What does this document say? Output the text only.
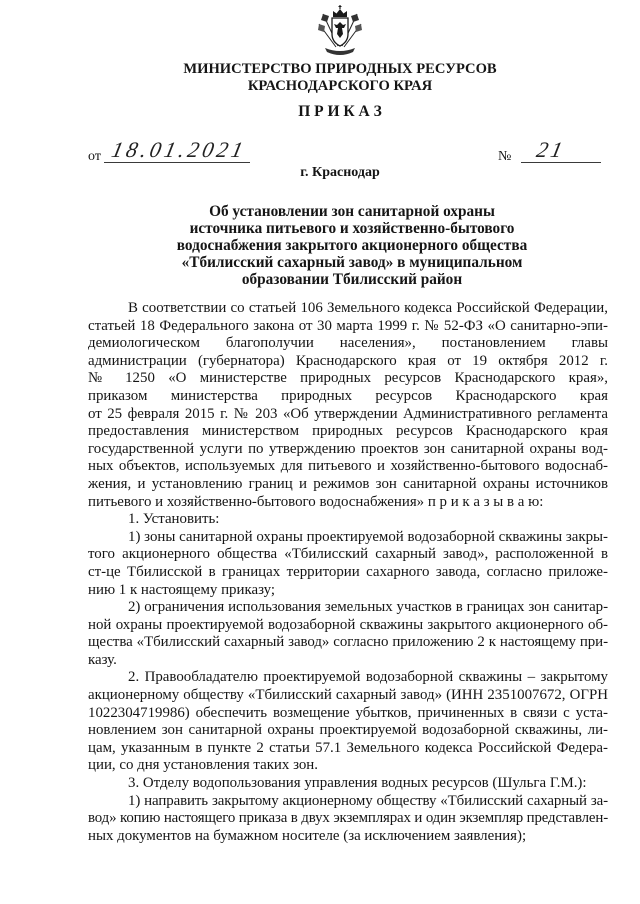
МИНИСТЕРСТВО ПРИРОДНЫХ РЕСУРСОВ
КРАСНОДАРСКОГО КРАЯ
П Р И К А З
от 18.01.2021	№ 21
г. Краснодар
Об установлении зон санитарной охраны
источника питьевого и хозяйственно-бытового
водоснабжения закрытого акционерного общества
«Тбилисский сахарный завод» в муниципальном
образовании Тбилисский район
В соответствии со статьей 106 Земельного кодекса Российской Федерации,
статьей 18 Федерального закона от 30 марта 1999 г. № 52-ФЗ «О санитарно-эпи-
демиологическом благополучии населения», постановлением главы
администрации (губернатора) Краснодарского края от 19 октября 2012 г.
№ 1250 «О министерстве природных ресурсов Краснодарского края»,
приказом министерства природных ресурсов Краснодарского края
от 25 февраля 2015 г. № 203 «Об утверждении Административного регламента
предоставления министерством природных ресурсов Краснодарского края
государственной услуги по утверждению проектов зон санитарной охраны вод-
ных объектов, используемых для питьевого и хозяйственно-бытового водоснаб-
жения, и установлению границ и режимов зон санитарной охраны источников
питьевого и хозяйственно-бытового водоснабжения» п р и к а з ы в а ю:
1. Установить:
1) зоны санитарной охраны проектируемой водозаборной скважины закры-
того акционерного общества «Тбилисский сахарный завод», расположенной в
ст-це Тбилисской в границах территории сахарного завода, согласно приложе-
нию 1 к настоящему приказу;
2) ограничения использования земельных участков в границах зон санитар-
ной охраны проектируемой водозаборной скважины закрытого акционерного об-
щества «Тбилисский сахарный завод» согласно приложению 2 к настоящему при-
казу.
2. Правообладателю проектируемой водозаборной скважины – закрытому
акционерному обществу «Тбилисский сахарный завод» (ИНН 2351007672, ОГРН
1022304719986) обеспечить возмещение убытков, причиненных в связи с уста-
новлением зон санитарной охраны проектируемой водозаборной скважины, ли-
цам, указанным в пункте 2 статьи 57.1 Земельного кодекса Российской Федера-
ции, со дня установления таких зон.
3. Отделу водопользования управления водных ресурсов (Шульга Г.М.):
1) направить закрытому акционерному обществу «Тбилисский сахарный за-
вод» копию настоящего приказа в двух экземплярах и один экземпляр представлен-
ных документов на бумажном носителе (за исключением заявления);
